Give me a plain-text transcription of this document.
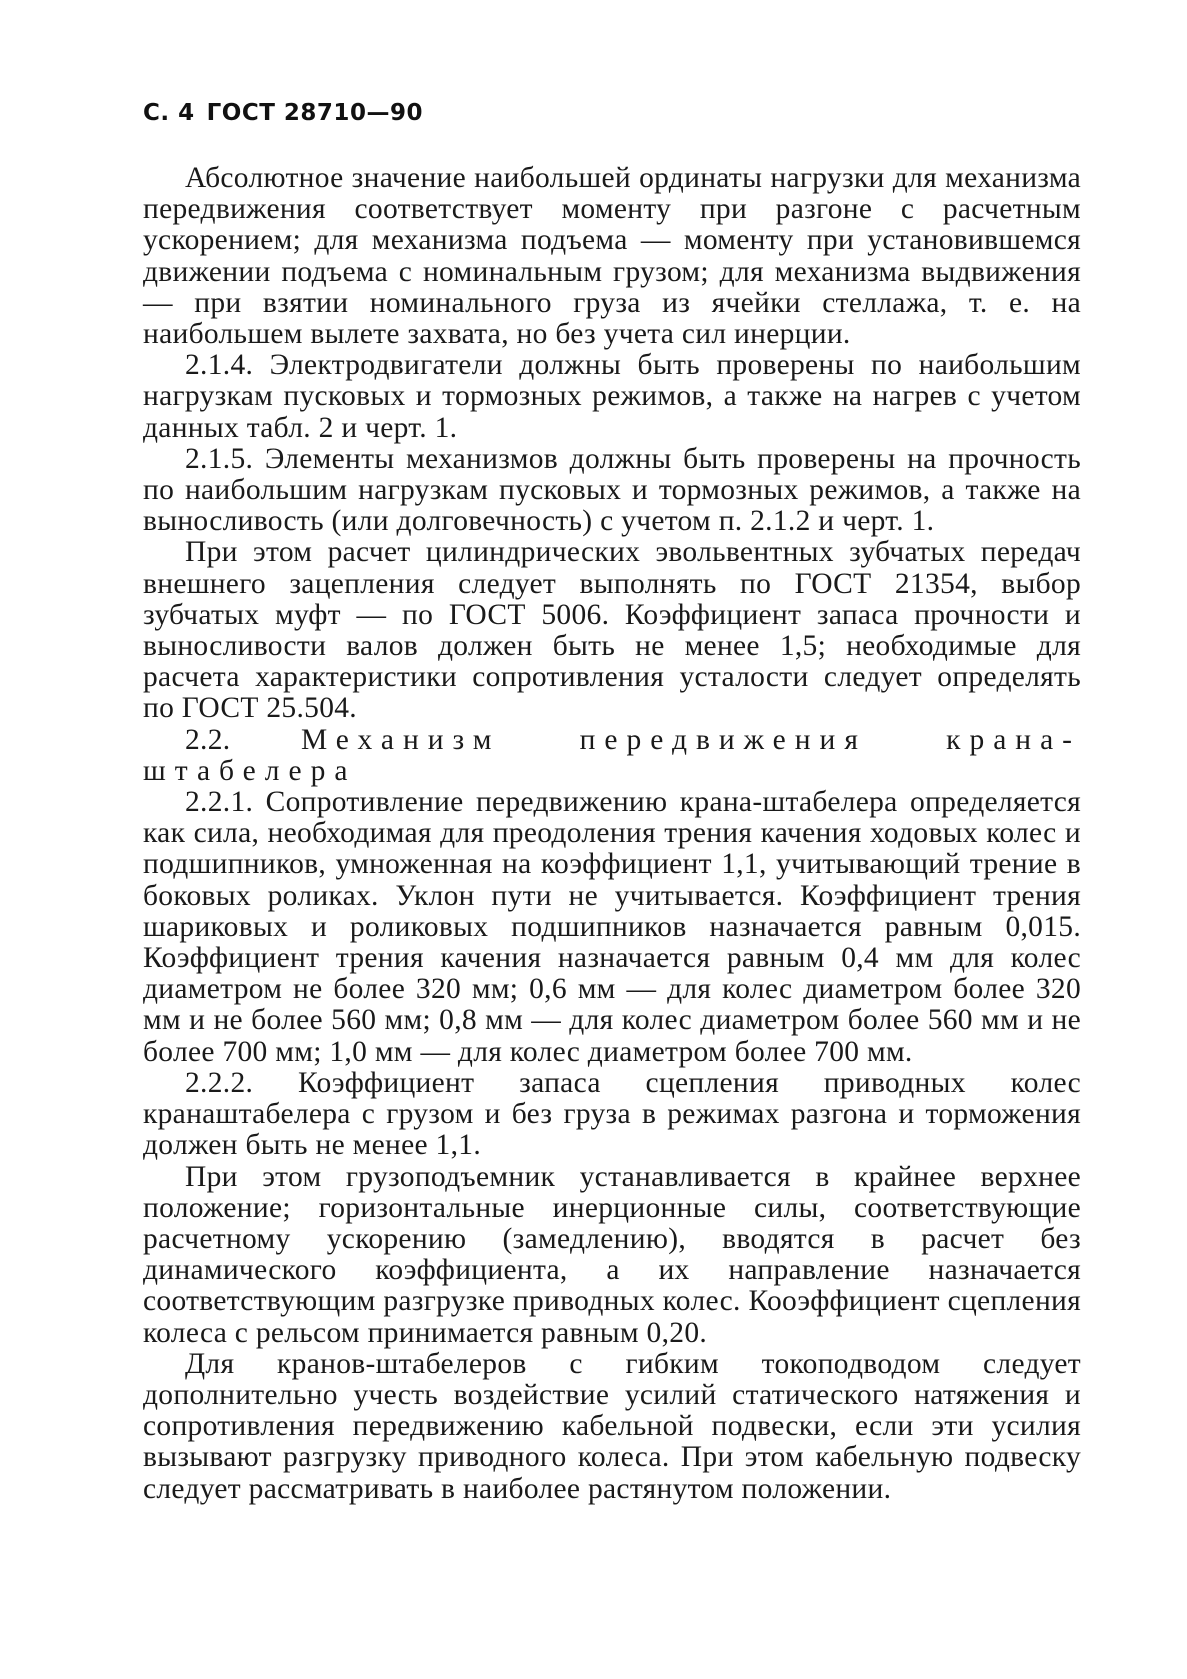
С. 4 ГОСТ 28710—90

Абсолютное значение наибольшей ординаты нагрузки для механизма передвижения соответствует моменту при разгоне с расчетным ускорением; для механизма подъема — моменту при установившемся движении подъема с номинальным грузом; для механизма выдвижения — при взятии номинального груза из ячейки стеллажа, т. е. на наибольшем вылете захвата, но без учета сил инерции.

2.1.4. Электродвигатели должны быть проверены по наибольшим нагрузкам пусковых и тормозных режимов, а также на нагрев с учетом данных табл. 2 и черт. 1.

2.1.5. Элементы механизмов должны быть проверены на прочность по наибольшим нагрузкам пусковых и тормозных режимов, а также на выносливость (или долговечность) с учетом п. 2.1.2 и черт. 1.

При этом расчет цилиндрических эвольвентных зубчатых передач внешнего зацепления следует выполнять по ГОСТ 21354, выбор зубчатых муфт — по ГОСТ 5006. Коэффициент запаса прочности и выносливости валов должен быть не менее 1,5; необходимые для расчета характеристики сопротивления усталости следует определять по ГОСТ 25.504.

2.2. Механизм передвижения крана-штабелера

2.2.1. Сопротивление передвижению крана-штабелера определяется как сила, необходимая для преодоления трения качения ходовых колес и подшипников, умноженная на коэффициент 1,1, учитывающий трение в боковых роликах. Уклон пути не учитывается. Коэффициент трения шариковых и роликовых подшипников назначается равным 0,015. Коэффициент трения качения назначается равным 0,4 мм для колес диаметром не более 320 мм; 0,6 мм — для колес диаметром более 320 мм и не более 560 мм; 0,8 мм — для колес диаметром более 560 мм и не более 700 мм; 1,0 мм — для колес диаметром более 700 мм.

2.2.2. Коэффициент запаса сцепления приводных колес кранаштабелера с грузом и без груза в режимах разгона и торможения должен быть не менее 1,1.

При этом грузоподъемник устанавливается в крайнее верхнее положение; горизонтальные инерционные силы, соответствующие расчетному ускорению (замедлению), вводятся в расчет без динамического коэффициента, а их направление назначается соответствующим разгрузке приводных колес. Кооэффициент сцепления колеса с рельсом принимается равным 0,20.

Для кранов-штабелеров с гибким токоподводом следует дополнительно учесть воздействие усилий статического натяжения и сопротивления передвижению кабельной подвески, если эти усилия вызывают разгрузку приводного колеса. При этом кабельную подвеску следует рассматривать в наиболее растянутом положении.
